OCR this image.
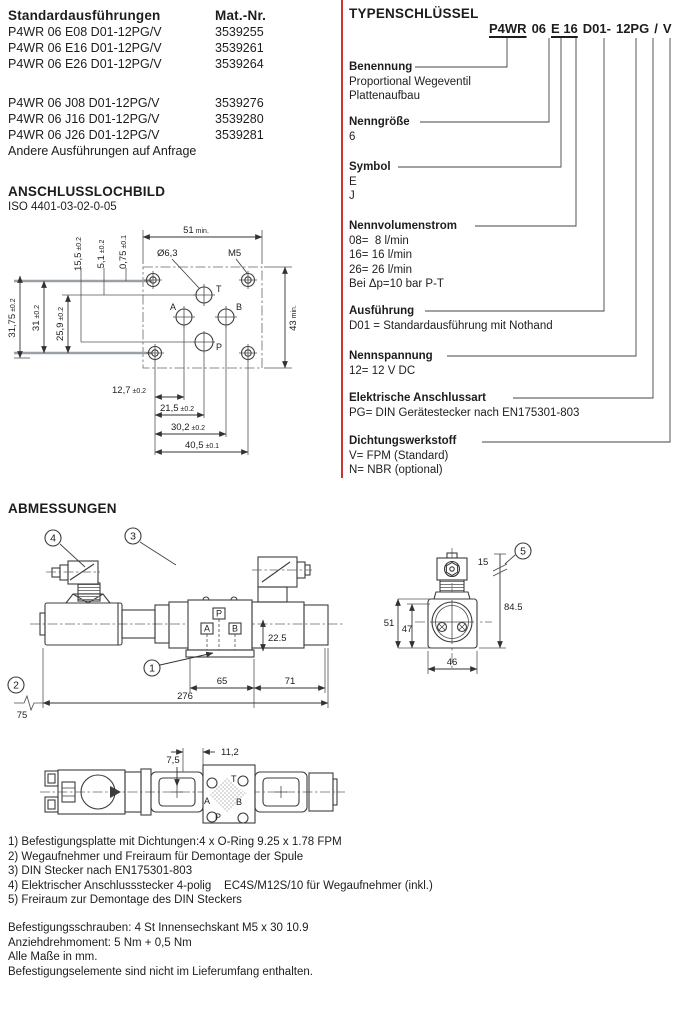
Standardausführungen	Mat.-Nr.
P4WR 06 E08 D01-12PG/V	3539255
P4WR 06 E16 D01-12PG/V	3539261
P4WR 06 E26 D01-12PG/V	3539264
P4WR 06 J08 D01-12PG/V	3539276
P4WR 06 J16 D01-12PG/V	3539280
P4WR 06 J26 D01-12PG/V	3539281
Andere Ausführungen auf Anfrage
TYPENSCHLÜSSEL
P4WR 06 E 16 D01- 12PG / V
Benennung
Proportional Wegeventil
Plattenaufbau
Nenngröße
6
Symbol
E
J
Nennvolumenstrom
08=  8 l/min
16= 16 l/min
26= 26 l/min
Bei Δp=10 bar P-T
Ausführung
D01 = Standardausführung mit Nothand
Nennspannung
12= 12 V DC
Elektrische Anschlussart
PG= DIN Gerätestecker nach EN175301-803
Dichtungswerkstoff
V= FPM (Standard)
N= NBR (optional)
ANSCHLUSSLOCHBILD
ISO 4401-03-02-0-05
T
A	B
P
51 min.
Ø6,3	M5
15,5±0.2
5,1±0.2
0,75±0.1
31,75±0.2
31±0.2
25,9±0.2
43min.
12,7 ±0.2
21,5 ±0.2
30,2 ±0.2
40,5 ±0.1
ABMESSUNGEN
P
A B
4	3
1
2
22.5
65	71
276
75
51
47
15
84.5
46
5
T
A	B
P
11,2
7,5
1) Befestigungsplatte mit Dichtungen:4 x O-Ring 9.25 x 1.78 FPM
2) Wegaufnehmer und Freiraum für Demontage der Spule
3) DIN Stecker nach EN175301-803
4) Elektrischer Anschlussstecker 4-polig    EC4S/M12S/10 für Wegaufnehmer (inkl.)
5) Freiraum zur Demontage des DIN Steckers
Befestigungsschrauben: 4 St Innensechskant M5 x 30 10.9
Anziehdrehmoment: 5 Nm + 0,5 Nm
Alle Maße in mm.
Befestigungselemente sind nicht im Lieferumfang enthalten.
